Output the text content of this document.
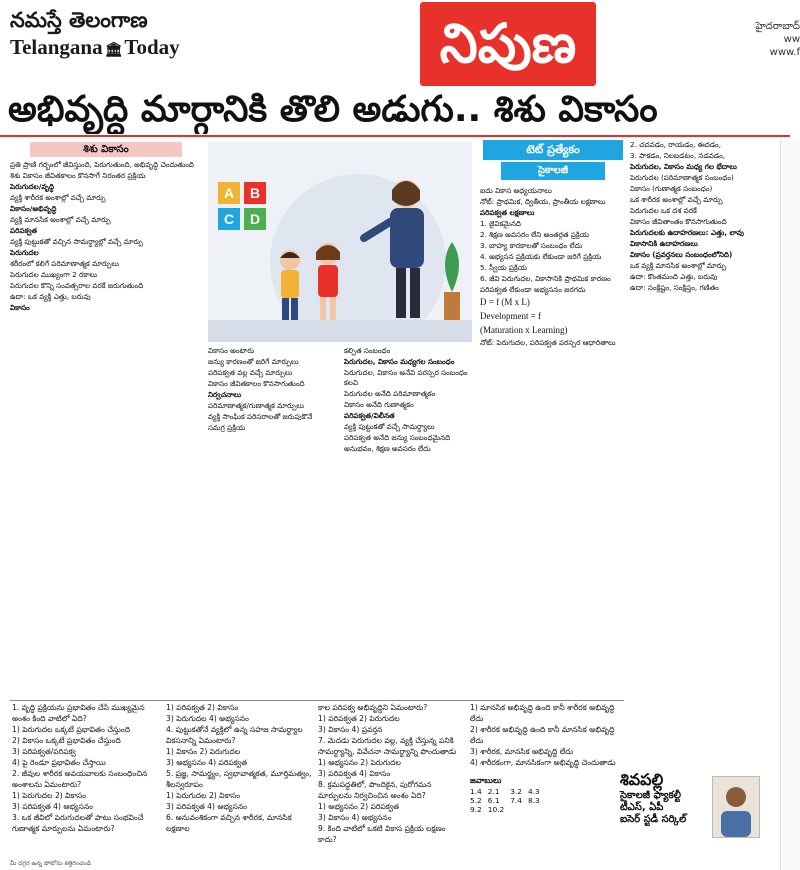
నమస్తే తెలంగాణ
Telangana 🏛Today	నిపుణ	హైదరాబాద్
ww
www.f
అభివృద్ధి మార్గానికి తొలి అడుగు.. శిశు వికాసం
శిశు వికాసం

ప్రతి ప్రాణి గర్భంలో జీవిస్తుంది, పెరుగుతుంది, అభివృద్ధి చెందుతుంది

శిశు వికాసం జీవితకాలం కొనసాగే నిరంతర ప్రక్రియ

పెరుగుదల/వృద్ధి

వ్యక్తి శారీరక అంశాల్లో వచ్చే మార్పు

వికాసం/అభివృద్ధి

వ్యక్తి మానసిక అంశాల్లో వచ్చే మార్పు

పరిపక్వత

వ్యక్తి పుట్టుకతో వచ్చిన సామర్థ్యాల్లో వచ్చే మార్పు

పెరుగుదల

శరీరంలో కలిగే పరిమాణాత్మక మార్పులు

పెరుగుదల ముఖ్యంగా 2 రకాలు

పెరుగుదల కొన్ని సంవత్సరాల వరకే జరుగుతుంది

ఉదా: ఒక వ్యక్తి ఎత్తు, బరువు

వికాసం

A B
C D

వికాసం అంటారు

జన్యు కారణంతో జరిగే మార్పులు

పరిపక్వత వల్ల వచ్చే మార్పులు

వికాసం జీవితకాలం కొనసాగుతుంది

నిర్వచనాలు

పరిమాణాత్మక/గుణాత్మక మార్పులు

వ్యక్తి సాంఘిక పరిసరాలతో జరుపుకొనే

సమగ్ర ప్రక్రియ

కల్పిత సంబంధం

పెరుగుదల, వికాసం మధ్యగల సంబంధం

పెరుగుదల, వికాసం అనేవి పరస్పర సంబంధం కలవి

పెరుగుదల అనేది పరిమాణాత్మకం

వికాసం అనేది గుణాత్మకం

పరిపక్వత/విలీనత

వ్యక్తి పుట్టుకతో వచ్చే సామర్థ్యాలు

పరిపక్వత అనేది జన్యు సంబంధమైనది

అనుభవం, శిక్షణ అవసరం లేదు

టెట్ ప్రత్యేకం
సైకాలజీ

ఐదు వికాస అధ్యయనాలు

నోట్: ప్రాథమిక, ద్వితీయ, ప్రాంతీయ లక్షణాలు

పరిపక్వత లక్షణాలు

1. జైవికమైనది

2. శిక్షణ అవసరం లేని అంతర్గత ప్రక్రియ

3. బాహ్య కారకాలతో సంబంధం లేదు

4. అభ్యసన ప్రక్రియకు లేకుండా జరిగే ప్రక్రియ

5. స్వీయ ప్రక్రియ

6. జీవి పెరుగుదల, వికాసానికి ప్రాథమిక కారణం

పరిపక్వత లేకుండా అభ్యసనం జరగదు

D = f (M x L)

Development = f

(Maturation x Learning)

నోట్: పెరుగుదల, పరిపక్వత పరస్పర ఆధారితాలు

2. చదవడం, రాయడం, ఈదడం,

3. పాకడం, నిలబడటం, నడవడం,

పెరుగుదల, వికాసం మధ్య గల భేదాలు

పెరుగుదల (పరిమాణాత్మక సంబంధం)

వికాసం (గుణాత్మక సంబంధం)

ఒక శారీరక అంశాల్లో వచ్చే మార్పు

పెరుగుదల ఒక దశ వరకే

వికాసం జీవితాంతం కొనసాగుతుంది

పెరుగుదలకు ఉదాహరణలు: ఎత్తు, లావు

వికాసానికి ఉదాహరణలు

వికాసం (ప్రవర్తనలు సంబంధంలోనిది)

ఒక వ్యక్తి మానసిక అంశాల్లో మార్పు

ఉదా: కొంతమంది ఎత్తు, బరువు

ఉదా: సంక్లిష్టం, సంక్షిప్తం, గణితం

1. వృద్ధి ప్రక్రియను ప్రభావితం చేసే ముఖ్యమైన అంశం కింది వాటిలో ఏది?

1) పెరుగుదల ఒక్కటే ప్రభావితం చేస్తుంది

2) వికాసం ఒక్కటే ప్రభావితం చేస్తుంది

3) పరిపక్వత/పరిపక్వ

4) పై రెండూ ప్రభావితం చేస్తాయి

2. జీవుల శారీరక అవయవాలకు సంబంధించిన అంశాలను ఏమంటారు?

1) పెరుగుదల 2) వికాసం

3) పరిపక్వత 4) అభ్యసనం

3. ఒక జీవిలో పెరుగుదలతో పాటు సంభవించే గుణాత్మక మార్పులను ఏమంటారు?

1) పరిపక్వత 2) వికాసం

3) పెరుగుదల 4) అభ్యసనం

4. పుట్టుకతోనే వ్యక్తిలో ఉన్న సహజ సామర్థ్యాల వికసనాన్ని ఏమంటారు?

1) వికాసం 2) పెరుగుదల

3) అభ్యసనం 4) పరిపక్వత

5. ప్రజ్ఞ, సామర్థ్యం, స్వభావాత్మకత, మూర్తిమత్వం, శీలస్వరూపం

1) పెరుగుదల 2) వికాసం

3) పరిపక్వత 4) అభ్యసనం

6. అనువంశికంగా వచ్చిన శారీరక, మానసిక లక్షణాల

కాల పరిపక్వ అభివృద్ధిని ఏమంటారు?

1) పరిపక్వత 2) పెరుగుదల

3) వికాసం 4) ప్రవర్తన

7. మెదడు పెరుగుదల వల్ల, వ్యక్తి చేస్తున్న పనికి సామర్థ్యాన్ని, వివేచనా సామర్థ్యాన్ని పొందుతాడు

1) అభ్యసనం 2) పెరుగుదల

3) పరిపక్వత 4) వికాసం

8. క్రమపద్ధతిలో, పొందికైన, పురోగమన మార్పులను నిర్వచించిన అంశం ఏది?

1) అభ్యసనం 2) పరిపక్వత

3) వికాసం 4) అభ్యసనం

9. కింది వాటిలో ఒకటి వికాస ప్రక్రియ లక్షణం కాదు?

1) మానసిక అభివృద్ధి ఉంది కానీ శారీరక అభివృద్ధి లేదు

2) శారీరక అభివృద్ధి ఉంది కానీ మానసిక అభివృద్ధి లేదు

3) శారీరక, మానసిక అభివృద్ధి లేదు

4) శారీరకంగా, మానసికంగా అభివృద్ధి చెందుతాడు

జవాబులు
1.4	2.1	3.2	4.3
5.2	6.1	7.4	8.3
9.2	10.2		
శివపల్లి
సైకాలజీ ఫ్యాకల్టీ
టీఎస్, ఏపీ
ఐసెర్ స్టడీ సర్కిల్
మీ దగ్గర ఉన్న ఫోటోను కత్తిరించండి
